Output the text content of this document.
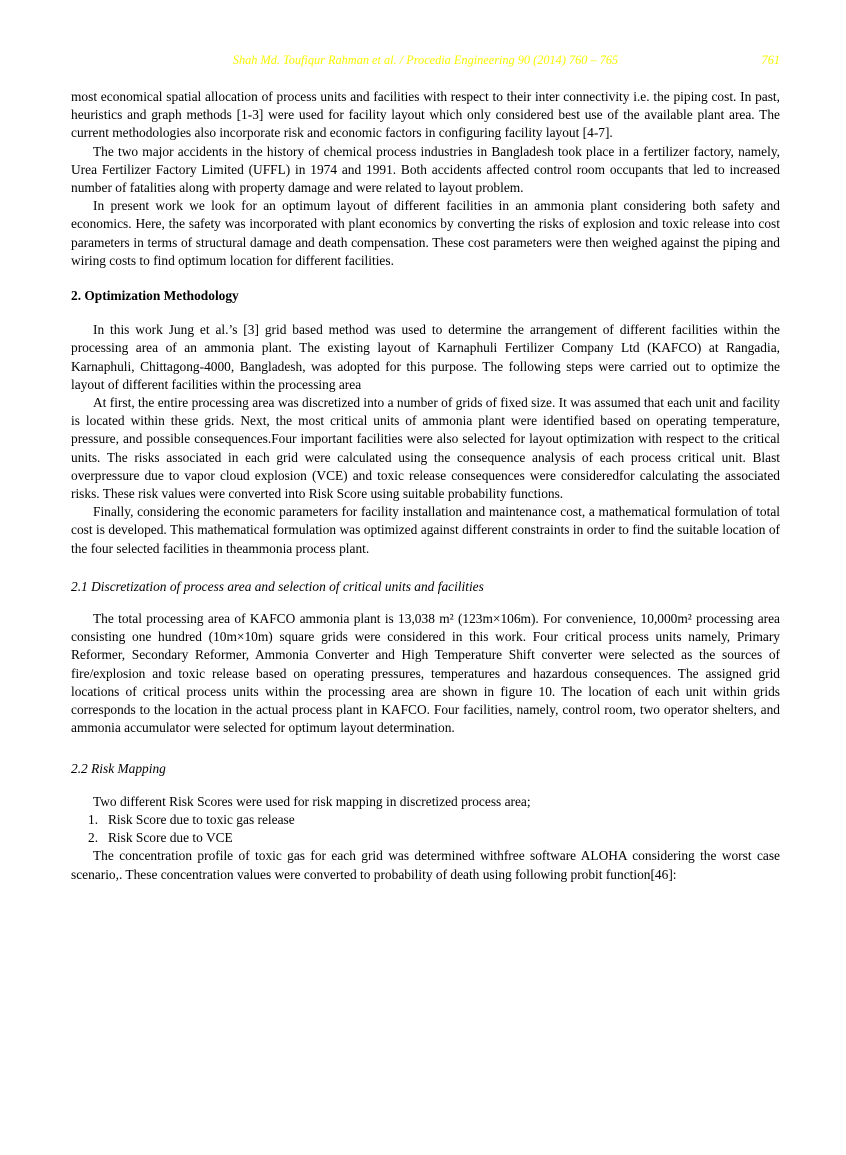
Shah Md. Toufiqur Rahman et al. / Procedia Engineering 90 (2014) 760 – 765	761

most economical spatial allocation of process units and facilities with respect to their inter connectivity i.e. the piping cost. In past, heuristics and graph methods [1-3] were used for facility layout which only considered best use of the available plant area. The current methodologies also incorporate risk and economic factors in configuring facility layout [4-7].

The two major accidents in the history of chemical process industries in Bangladesh took place in a fertilizer factory, namely, Urea Fertilizer Factory Limited (UFFL) in 1974 and 1991. Both accidents affected control room occupants that led to increased number of fatalities along with property damage and were related to layout problem.

In present work we look for an optimum layout of different facilities in an ammonia plant considering both safety and economics. Here, the safety was incorporated with plant economics by converting the risks of explosion and toxic release into cost parameters in terms of structural damage and death compensation. These cost parameters were then weighed against the piping and wiring costs to find optimum location for different facilities.

2. Optimization Methodology

In this work Jung et al.’s [3] grid based method was used to determine the arrangement of different facilities within the processing area of an ammonia plant. The existing layout of Karnaphuli Fertilizer Company Ltd (KAFCO) at Rangadia, Karnaphuli, Chittagong-4000, Bangladesh, was adopted for this purpose. The following steps were carried out to optimize the layout of different facilities within the processing area

At first, the entire processing area was discretized into a number of grids of fixed size. It was assumed that each unit and facility is located within these grids. Next, the most critical units of ammonia plant were identified based on operating temperature, pressure, and possible consequences.Four important facilities were also selected for layout optimization with respect to the critical units. The risks associated in each grid were calculated using the consequence analysis of each process critical unit. Blast overpressure due to vapor cloud explosion (VCE) and toxic release consequences were consideredfor calculating the associated risks. These risk values were converted into Risk Score using suitable probability functions.

Finally, considering the economic parameters for facility installation and maintenance cost, a mathematical formulation of total cost is developed. This mathematical formulation was optimized against different constraints in order to find the suitable location of the four selected facilities in theammonia process plant.

2.1 Discretization of process area and selection of critical units and facilities

The total processing area of KAFCO ammonia plant is 13,038 m² (123m×106m). For convenience, 10,000m² processing area consisting one hundred (10m×10m) square grids were considered in this work. Four critical process units namely, Primary Reformer, Secondary Reformer, Ammonia Converter and High Temperature Shift converter were selected as the sources of fire/explosion and toxic release based on operating pressures, temperatures and hazardous consequences. The assigned grid locations of critical process units within the processing area are shown in figure 10. The location of each unit within grids corresponds to the location in the actual process plant in KAFCO. Four facilities, namely, control room, two operator shelters, and ammonia accumulator were selected for optimum layout determination.

2.2 Risk Mapping

Two different Risk Scores were used for risk mapping in discretized process area;

1. Risk Score due to toxic gas release
2. Risk Score due to VCE

The concentration profile of toxic gas for each grid was determined withfree software ALOHA considering the worst case scenario,. These concentration values were converted to probability of death using following probit function[46]:
